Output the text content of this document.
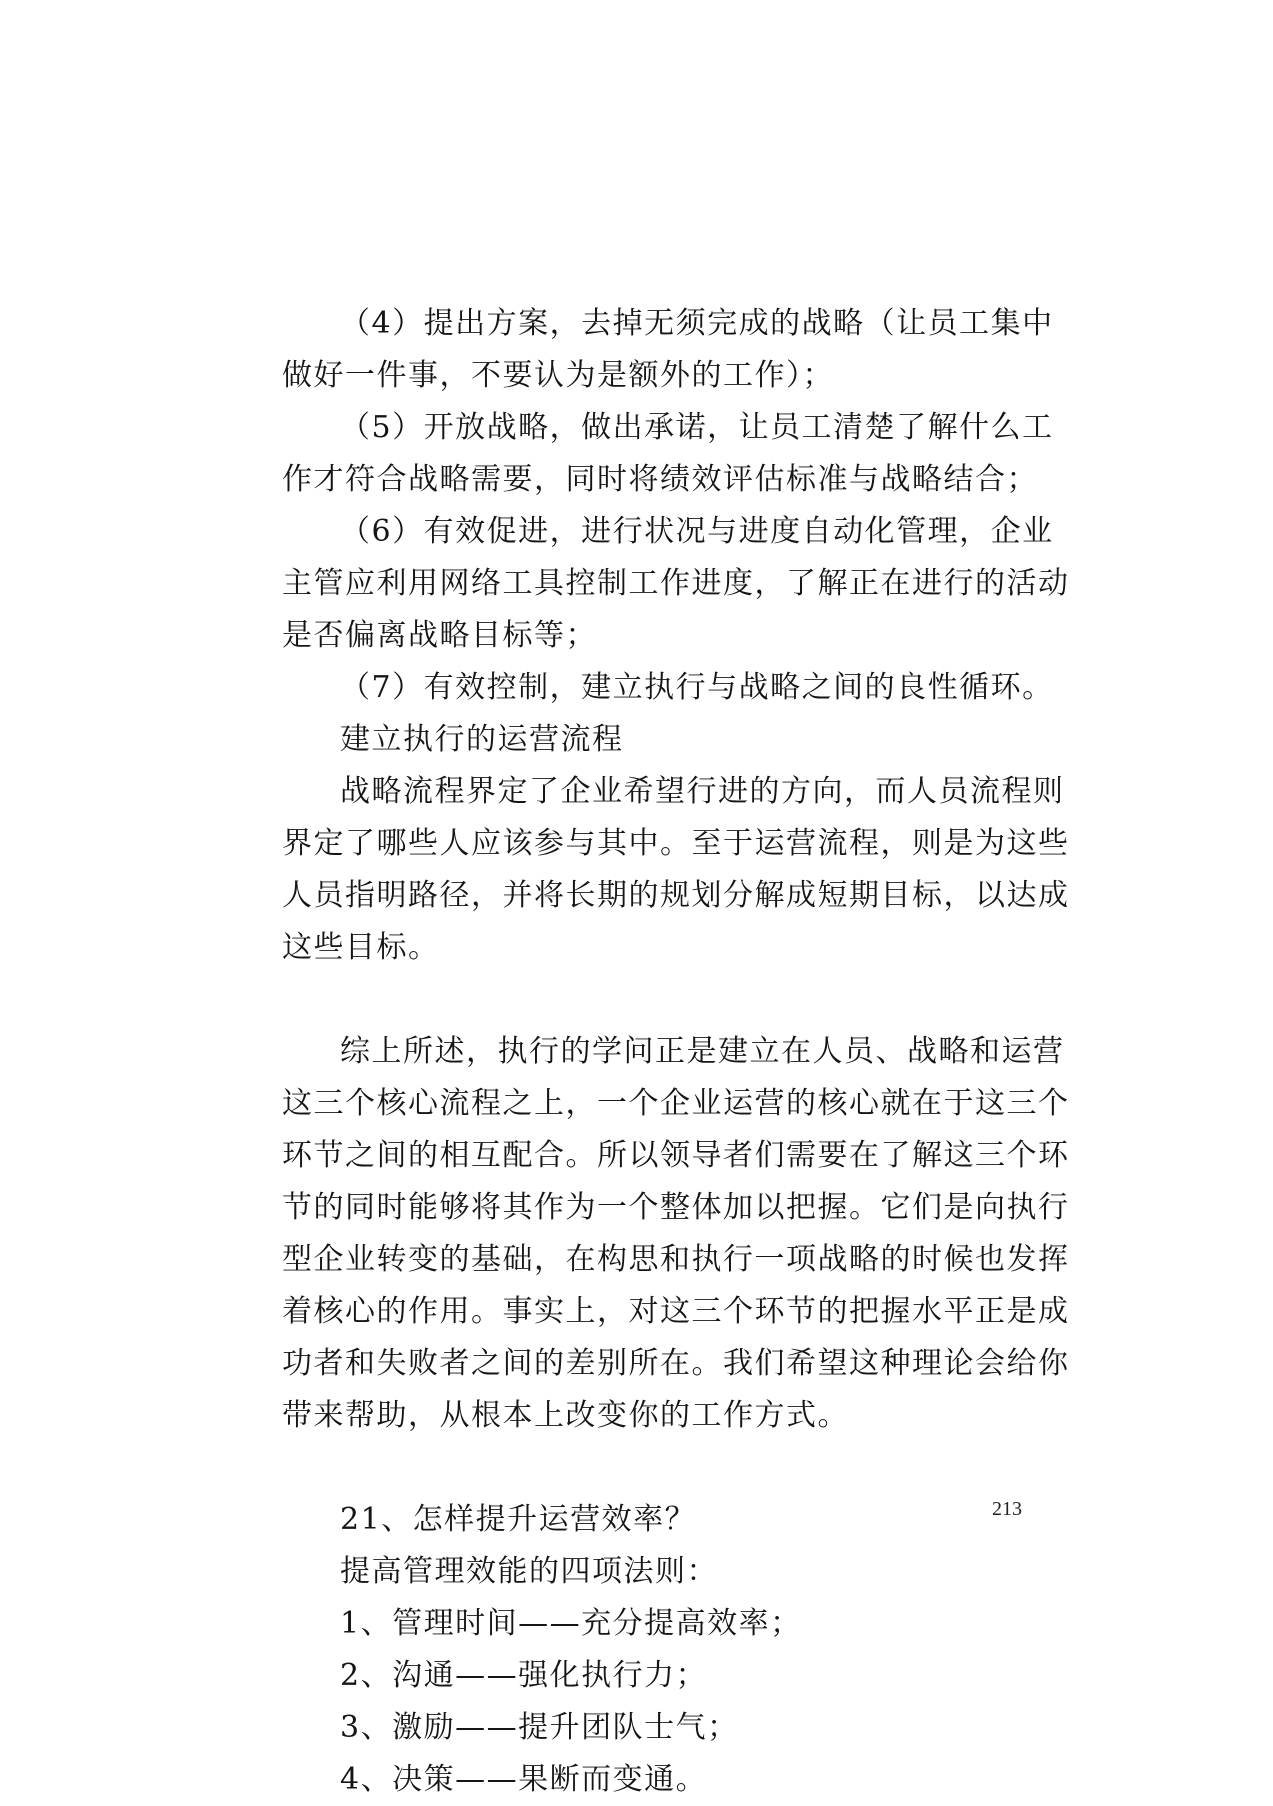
（4）提出方案，去掉无须完成的战略（让员工集中
做好一件事，不要认为是额外的工作）；
（5）开放战略，做出承诺，让员工清楚了解什么工
作才符合战略需要，同时将绩效评估标准与战略结合；
（6）有效促进，进行状况与进度自动化管理，企业
主管应利用网络工具控制工作进度，了解正在进行的活动
是否偏离战略目标等；
（7）有效控制，建立执行与战略之间的良性循环。
建立执行的运营流程
战略流程界定了企业希望行进的方向，而人员流程则
界定了哪些人应该参与其中。至于运营流程，则是为这些
人员指明路径，并将长期的规划分解成短期目标，以达成
这些目标。
综上所述，执行的学问正是建立在人员、战略和运营
这三个核心流程之上，一个企业运营的核心就在于这三个
环节之间的相互配合。所以领导者们需要在了解这三个环
节的同时能够将其作为一个整体加以把握。它们是向执行
型企业转变的基础，在构思和执行一项战略的时候也发挥
着核心的作用。事实上，对这三个环节的把握水平正是成
功者和失败者之间的差别所在。我们希望这种理论会给你
带来帮助，从根本上改变你的工作方式。
21、怎样提升运营效率？
提高管理效能的四项法则：
1、管理时间——充分提高效率；
2、沟通——强化执行力；
3、激励——提升团队士气；
4、决策——果断而变通。
213
